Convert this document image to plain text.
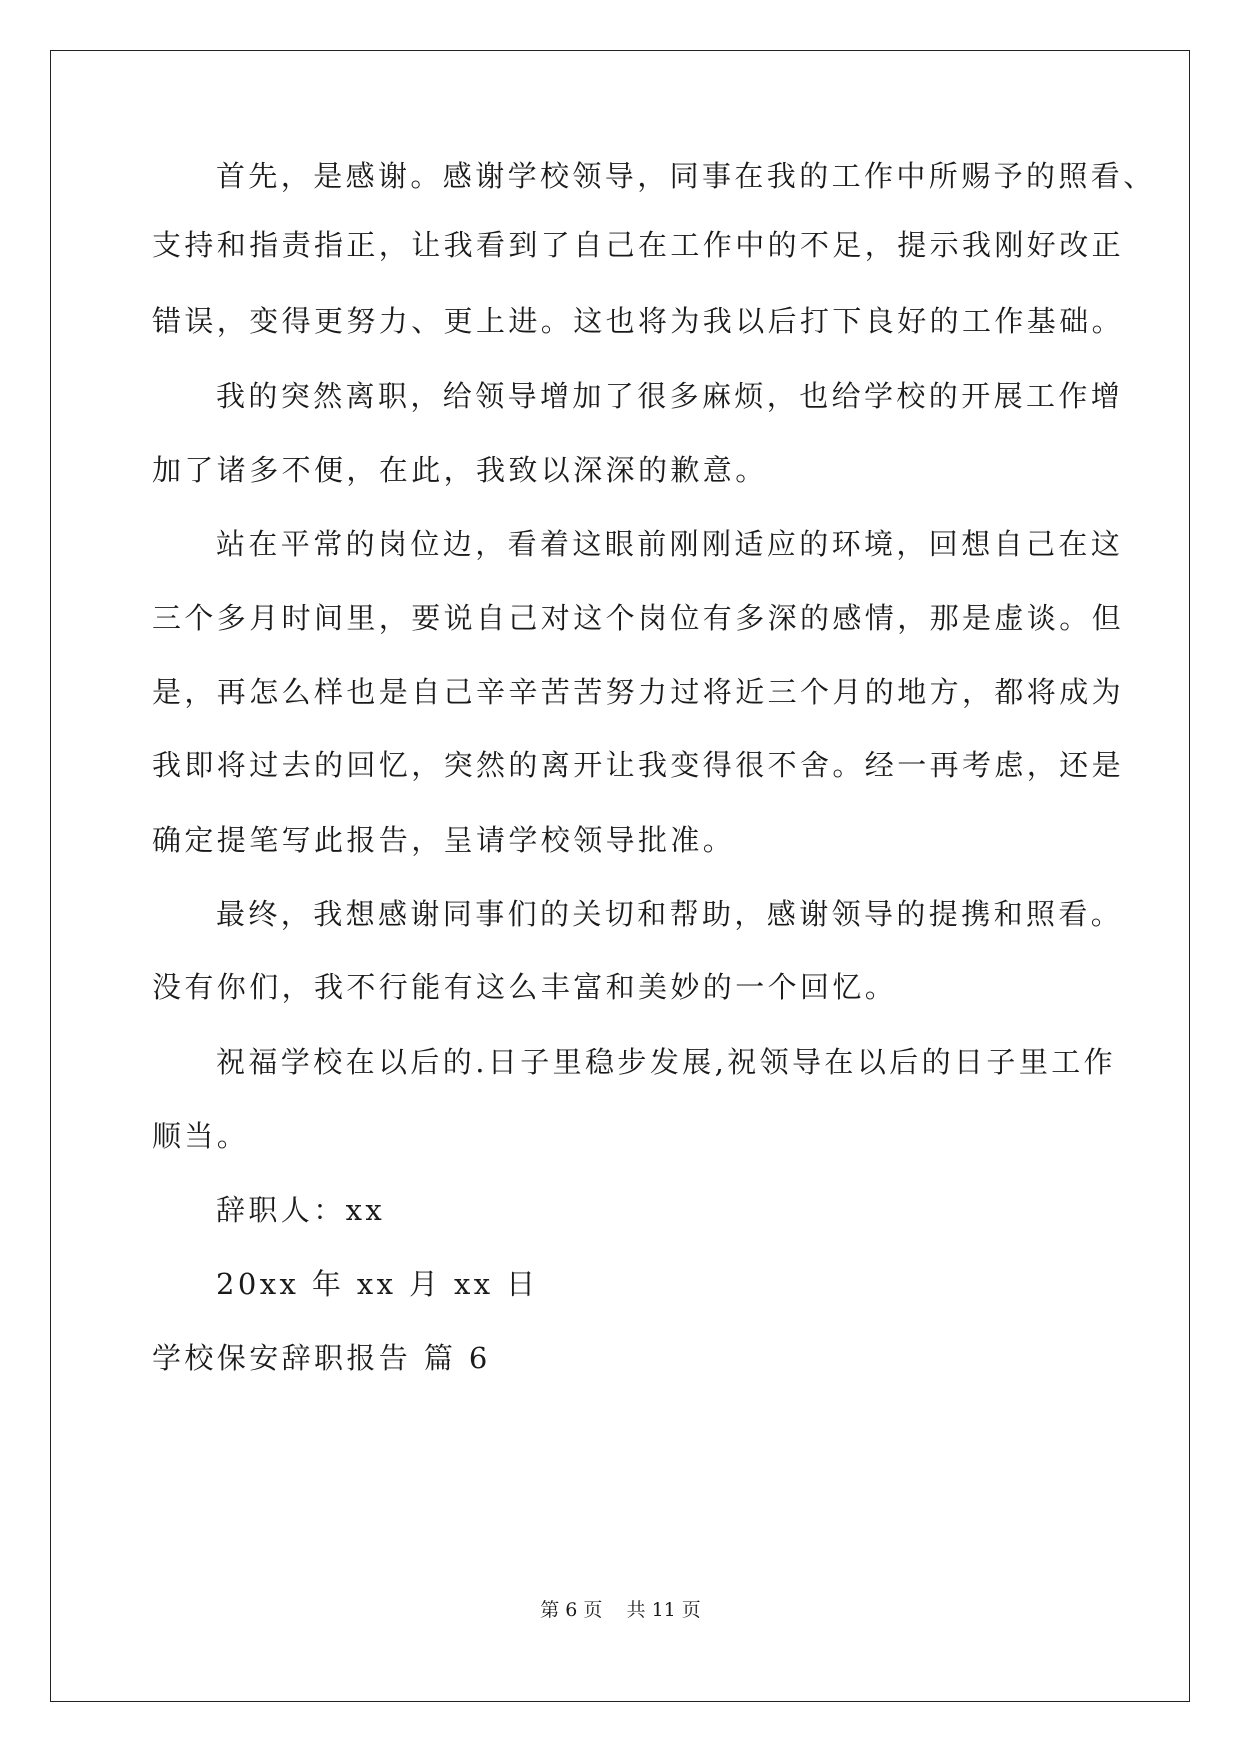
首先，是感谢。感谢学校领导，同事在我的工作中所赐予的照看、
支持和指责指正，让我看到了自己在工作中的不足，提示我刚好改正
错误，变得更努力、更上进。这也将为我以后打下良好的工作基础。
我的突然离职，给领导增加了很多麻烦，也给学校的开展工作增
加了诸多不便，在此，我致以深深的歉意。
站在平常的岗位边，看着这眼前刚刚适应的环境，回想自己在这
三个多月时间里，要说自己对这个岗位有多深的感情，那是虚谈。但
是，再怎么样也是自己辛辛苦苦努力过将近三个月的地方，都将成为
我即将过去的回忆，突然的离开让我变得很不舍。经一再考虑，还是
确定提笔写此报告，呈请学校领导批准。
最终，我想感谢同事们的关切和帮助，感谢领导的提携和照看。
没有你们，我不行能有这么丰富和美妙的一个回忆。
祝福学校在以后的.日子里稳步发展,祝领导在以后的日子里工作
顺当。
辞职人：xx
20xx 年 xx 月 xx 日
学校保安辞职报告 篇 6
第 6 页    共 11 页
